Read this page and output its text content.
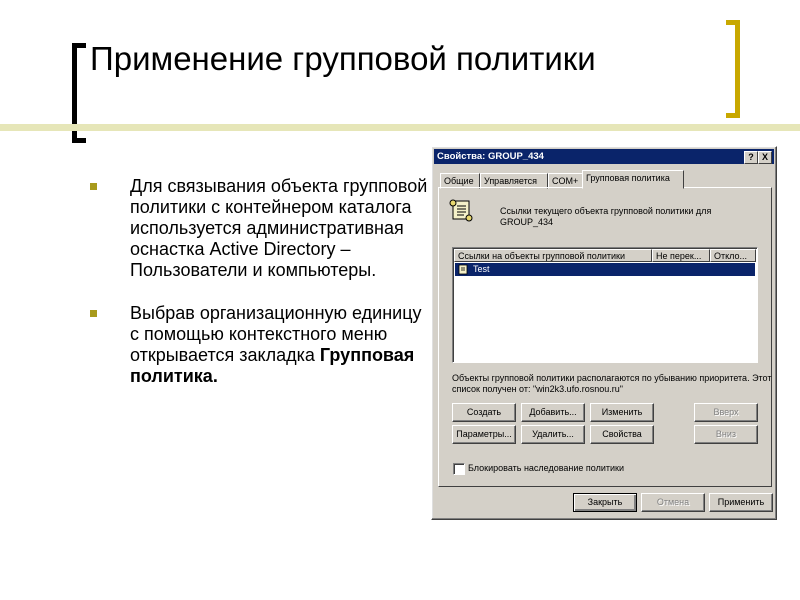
Применение групповой политики
Для связывания объекта групповой политики с контейнером каталога используется административная оснастка Active Directory – Пользователи и компьютеры.
Выбрав организационную единицу с помощью контекстного меню открывается закладка Групповая политика.
Свойства: GROUP_434	? X
Общие	Управляется	COM+ Групповая политика
Ссылки текущего объекта групповой политики для GROUP_434
Ссылки на объекты групповой политики	Не перек...	Откло...
Test
Объекты групповой политики располагаются по убыванию приоритета. Этот список получен от: "win2k3.ufo.rosnou.ru"
Создать	Добавить...	Изменить	Вверх
Параметры...	Удалить...	Свойства	Вниз
Блокировать наследование политики
Закрыть	Отмена	Применить
